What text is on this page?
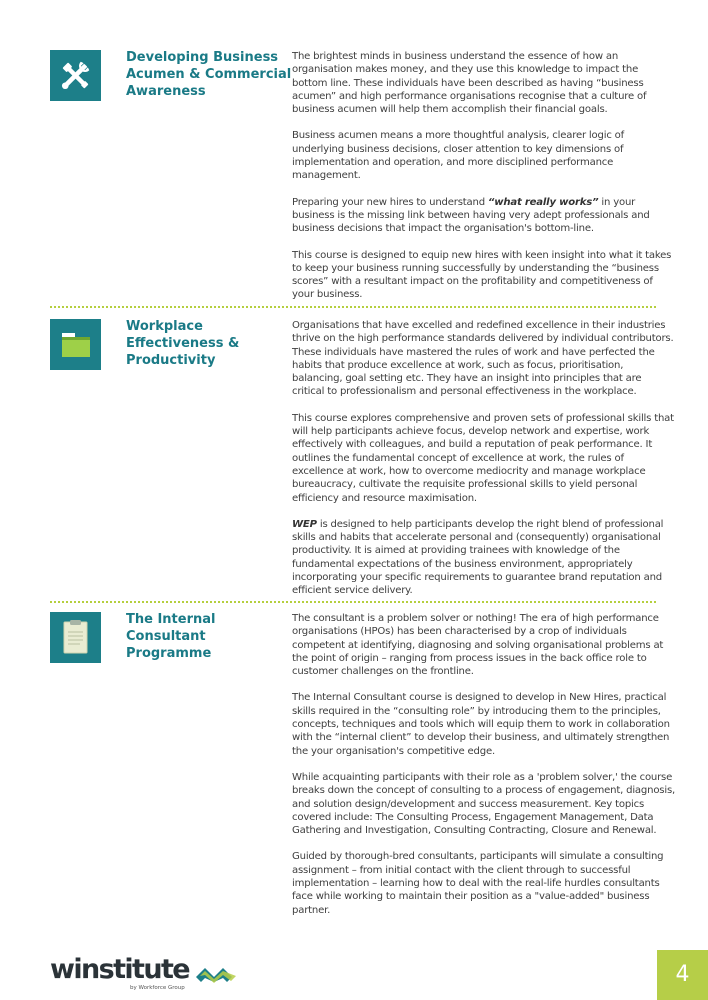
Developing Business Acumen & Commercial Awareness

The brightest minds in business understand the essence of how an organisation makes money, and they use this knowledge to impact the bottom line. These individuals have been described as having “business acumen” and high performance organisations recognise that a culture of business acumen will help them accomplish their financial goals.

Business acumen means a more thoughtful analysis, clearer logic of underlying business decisions, closer attention to key dimensions of implementation and operation, and more disciplined performance management.

Preparing your new hires to understand “what really works” in your business is the missing link between having very adept professionals and business decisions that impact the organisation's bottom-line.

This course is designed to equip new hires with keen insight into what it takes to keep your business running successfully by understanding the “business scores” with a resultant impact on the profitability and competitiveness of your business.

Workplace Effectiveness & Productivity

Organisations that have excelled and redefined excellence in their industries thrive on the high performance standards delivered by individual contributors. These individuals have mastered the rules of work and have perfected the habits that produce excellence at work, such as focus, prioritisation, balancing, goal setting etc. They have an insight into principles that are critical to professionalism and personal effectiveness in the workplace.

This course explores comprehensive and proven sets of professional skills that will help participants achieve focus, develop network and expertise, work effectively with colleagues, and build a reputation of peak performance. It outlines the fundamental concept of excellence at work, the rules of excellence at work, how to overcome mediocrity and manage workplace bureaucracy, cultivate the requisite professional skills to yield personal efficiency and resource maximisation.

WEP is designed to help participants develop the right blend of professional skills and habits that accelerate personal and (consequently) organisational productivity. It is aimed at providing trainees with knowledge of the fundamental expectations of the business environment, appropriately incorporating your specific requirements to guarantee brand reputation and efficient service delivery.

The Internal Consultant Programme

The consultant is a problem solver or nothing! The era of high performance organisations (HPOs) has been characterised by a crop of individuals competent at identifying, diagnosing and solving organisational problems at the point of origin – ranging from process issues in the back office role to customer challenges on the frontline.

The Internal Consultant course is designed to develop in New Hires, practical skills required in the “consulting role” by introducing them to the principles, concepts, techniques and tools which will equip them to work in collaboration with the “internal client” to develop their business, and ultimately strengthen the your organisation's competitive edge.

While acquainting participants with their role as a 'problem solver,' the course breaks down the concept of consulting to a process of engagement, diagnosis, and solution design/development and success measurement. Key topics covered include: The Consulting Process, Engagement Management, Data Gathering and Investigation, Consulting Contracting, Closure and Renewal.

Guided by thorough-bred consultants, participants will simulate a consulting assignment – from initial contact with the client through to successful implementation – learning how to deal with the real-life hurdles consultants face while working to maintain their position as a "value-added" business partner.

winstitute
by Workforce Group
4
